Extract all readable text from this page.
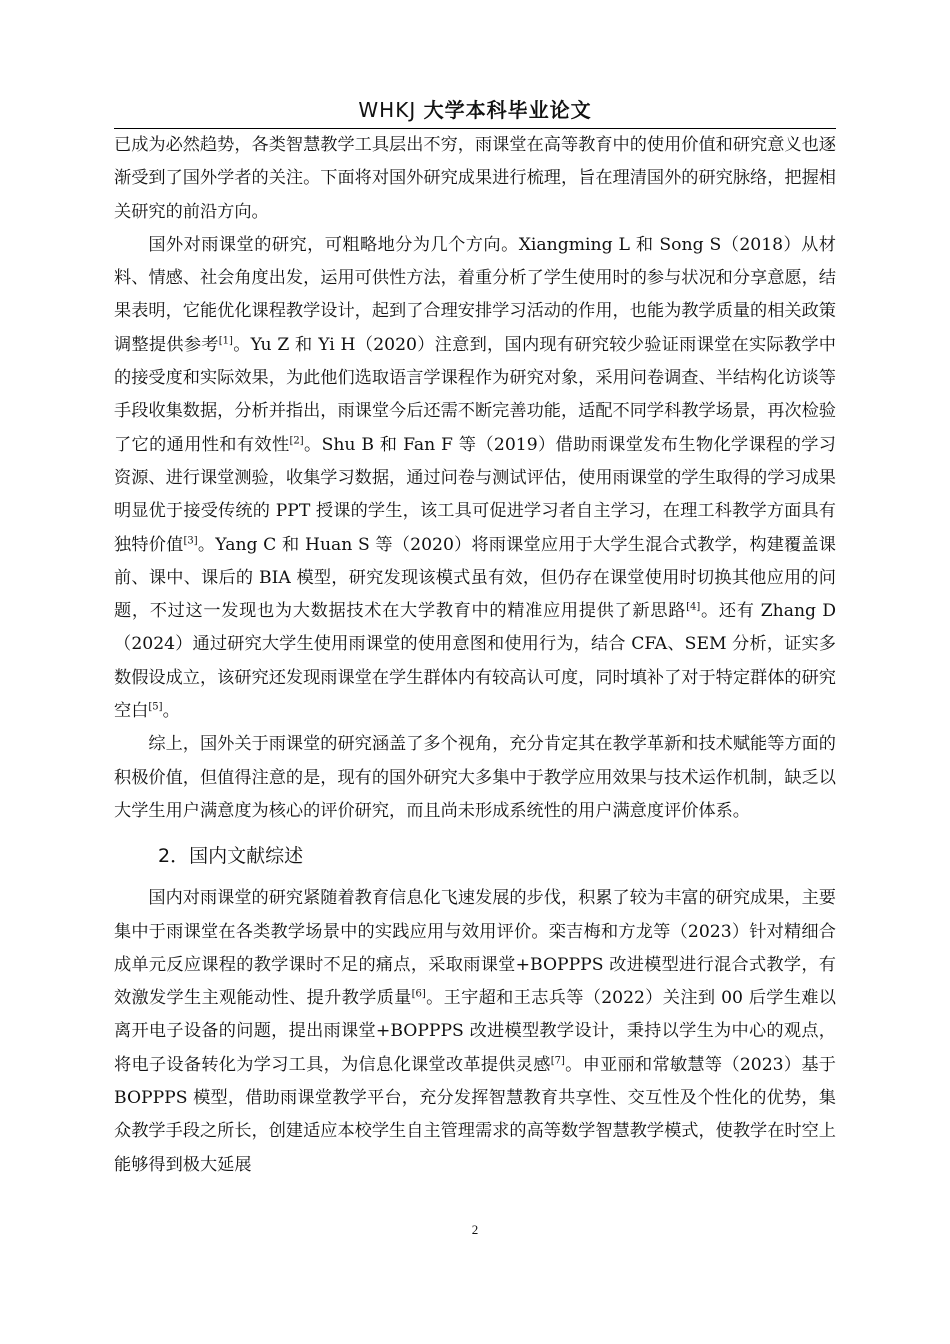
WHKJ 大学本科毕业论文

已成为必然趋势，各类智慧教学工具层出不穷，雨课堂在高等教育中的使用价值和研究意义也逐渐受到了国外学者的关注。下面将对国外研究成果进行梳理，旨在理清国外的研究脉络，把握相关研究的前沿方向。

国外对雨课堂的研究，可粗略地分为几个方向。Xiangming L 和 Song S（2018）从材料、情感、社会角度出发，运用可供性方法，着重分析了学生使用时的参与状况和分享意愿，结果表明，它能优化课程教学设计，起到了合理安排学习活动的作用，也能为教学质量的相关政策调整提供参考[1]。Yu Z 和 Yi H（2020）注意到，国内现有研究较少验证雨课堂在实际教学中的接受度和实际效果，为此他们选取语言学课程作为研究对象，采用问卷调查、半结构化访谈等手段收集数据，分析并指出，雨课堂今后还需不断完善功能，适配不同学科教学场景，再次检验了它的通用性和有效性[2]。Shu B 和 Fan F 等（2019）借助雨课堂发布生物化学课程的学习资源、进行课堂测验，收集学习数据，通过问卷与测试评估，使用雨课堂的学生取得的学习成果明显优于接受传统的 PPT 授课的学生，该工具可促进学习者自主学习，在理工科教学方面具有独特价值[3]。Yang C 和 Huan S 等（2020）将雨课堂应用于大学生混合式教学，构建覆盖课前、课中、课后的 BIA 模型，研究发现该模式虽有效，但仍存在课堂使用时切换其他应用的问题，不过这一发现也为大数据技术在大学教育中的精准应用提供了新思路[4]。还有 Zhang D（2024）通过研究大学生使用雨课堂的使用意图和使用行为，结合 CFA、SEM 分析，证实多数假设成立，该研究还发现雨课堂在学生群体内有较高认可度，同时填补了对于特定群体的研究空白[5]。

综上，国外关于雨课堂的研究涵盖了多个视角，充分肯定其在教学革新和技术赋能等方面的积极价值，但值得注意的是，现有的国外研究大多集中于教学应用效果与技术运作机制，缺乏以大学生用户满意度为核心的评价研究，而且尚未形成系统性的用户满意度评价体系。

2．国内文献综述

国内对雨课堂的研究紧随着教育信息化飞速发展的步伐，积累了较为丰富的研究成果，主要集中于雨课堂在各类教学场景中的实践应用与效用评价。栾吉梅和方龙等（2023）针对精细合成单元反应课程的教学课时不足的痛点，采取雨课堂+BOPPPS 改进模型进行混合式教学，有效激发学生主观能动性、提升教学质量[6]。王宇超和王志兵等（2022）关注到 00 后学生难以离开电子设备的问题，提出雨课堂+BOPPPS 改进模型教学设计，秉持以学生为中心的观点，将电子设备转化为学习工具，为信息化课堂改革提供灵感[7]。申亚丽和常敏慧等（2023）基于 BOPPPS 模型，借助雨课堂教学平台，充分发挥智慧教育共享性、交互性及个性化的优势，集众教学手段之所长，创建适应本校学生自主管理需求的高等数学智慧教学模式，使教学在时空上能够得到极大延展

2
